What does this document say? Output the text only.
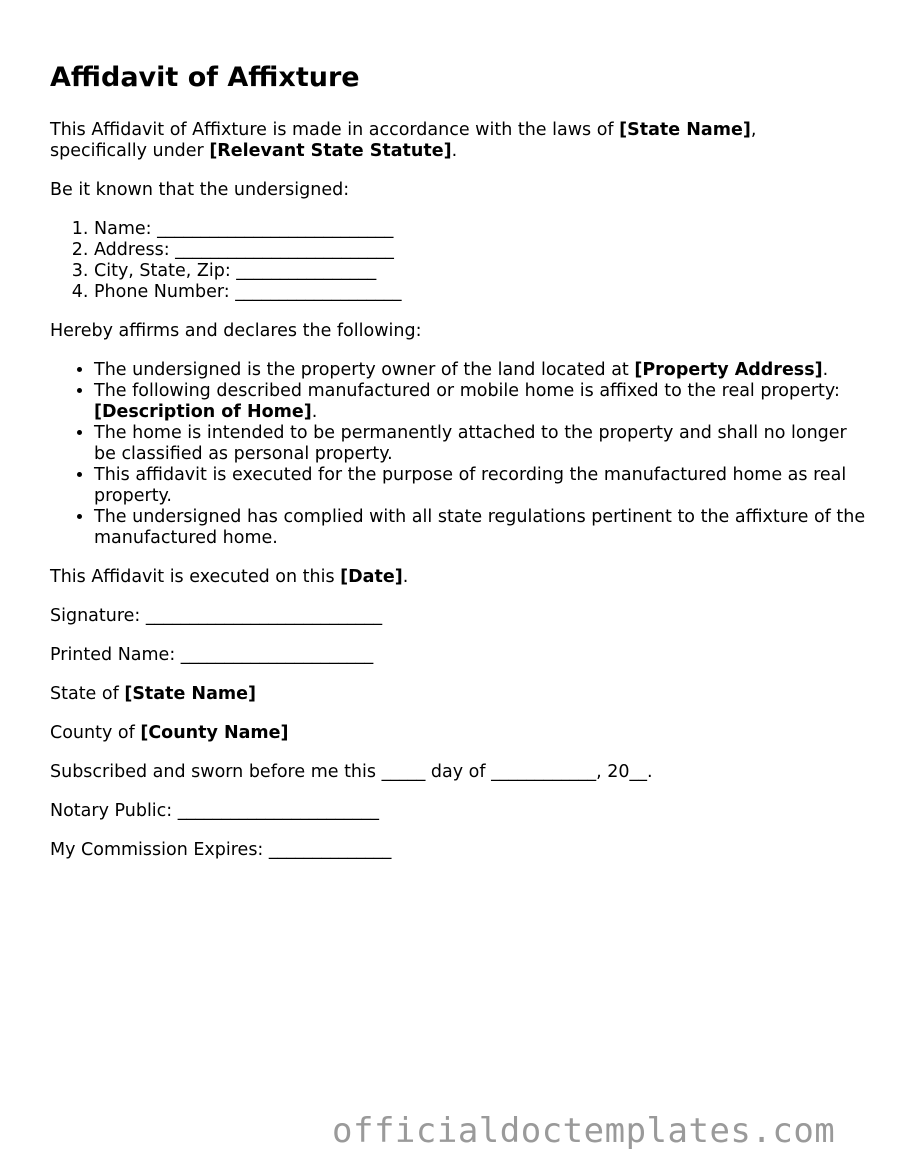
Affidavit of Affixture

This Affidavit of Affixture is made in accordance with the laws of [State Name],
specifically under [Relevant State Statute].

Be it known that the undersigned:

1. Name: ___________________________
2. Address: _________________________
3. City, State, Zip: ________________
4. Phone Number: ___________________

Hereby affirms and declares the following:

• The undersigned is the property owner of the land located at [Property Address].
• The following described manufactured or mobile home is affixed to the real property: [Description of Home].
• The home is intended to be permanently attached to the property and shall no longer be classified as personal property.
• This affidavit is executed for the purpose of recording the manufactured home as real property.
• The undersigned has complied with all state regulations pertinent to the affixture of the manufactured home.

This Affidavit is executed on this [Date].

Signature: ___________________________

Printed Name: ______________________

State of [State Name]

County of [County Name]

Subscribed and sworn before me this _____ day of ____________, 20__.

Notary Public: _______________________

My Commission Expires: ______________

officialdoctemplates.com
